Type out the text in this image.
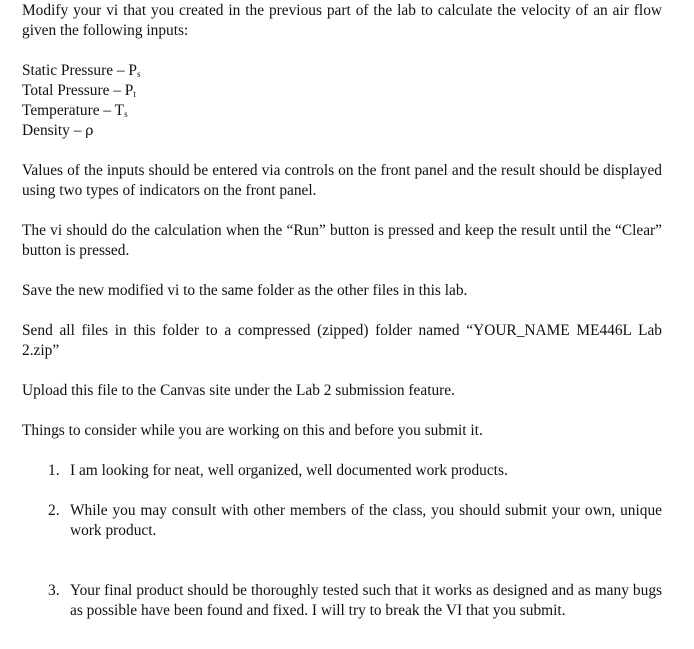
Modify your vi that you created in the previous part of the lab to calculate the velocity of an air flow given the following inputs:

Static Pressure – $P_s$
Total Pressure – $P_t$
Temperature – $T_s$
Density – ρ

Values of the inputs should be entered via controls on the front panel and the result should be displayed using two types of indicators on the front panel.

The vi should do the calculation when the “Run” button is pressed and keep the result until the “Clear” button is pressed.

Save the new modified vi to the same folder as the other files in this lab.

Send all files in this folder to a compressed (zipped) folder named “YOUR_NAME ME446L Lab 2.zip”

Upload this file to the Canvas site under the Lab 2 submission feature.

Things to consider while you are working on this and before you submit it.

1. I am looking for neat, well organized, well documented work products.
2. While you may consult with other members of the class, you should submit your own, unique work product.
3. Your final product should be thoroughly tested such that it works as designed and as many bugs as possible have been found and fixed. I will try to break the VI that you submit.
